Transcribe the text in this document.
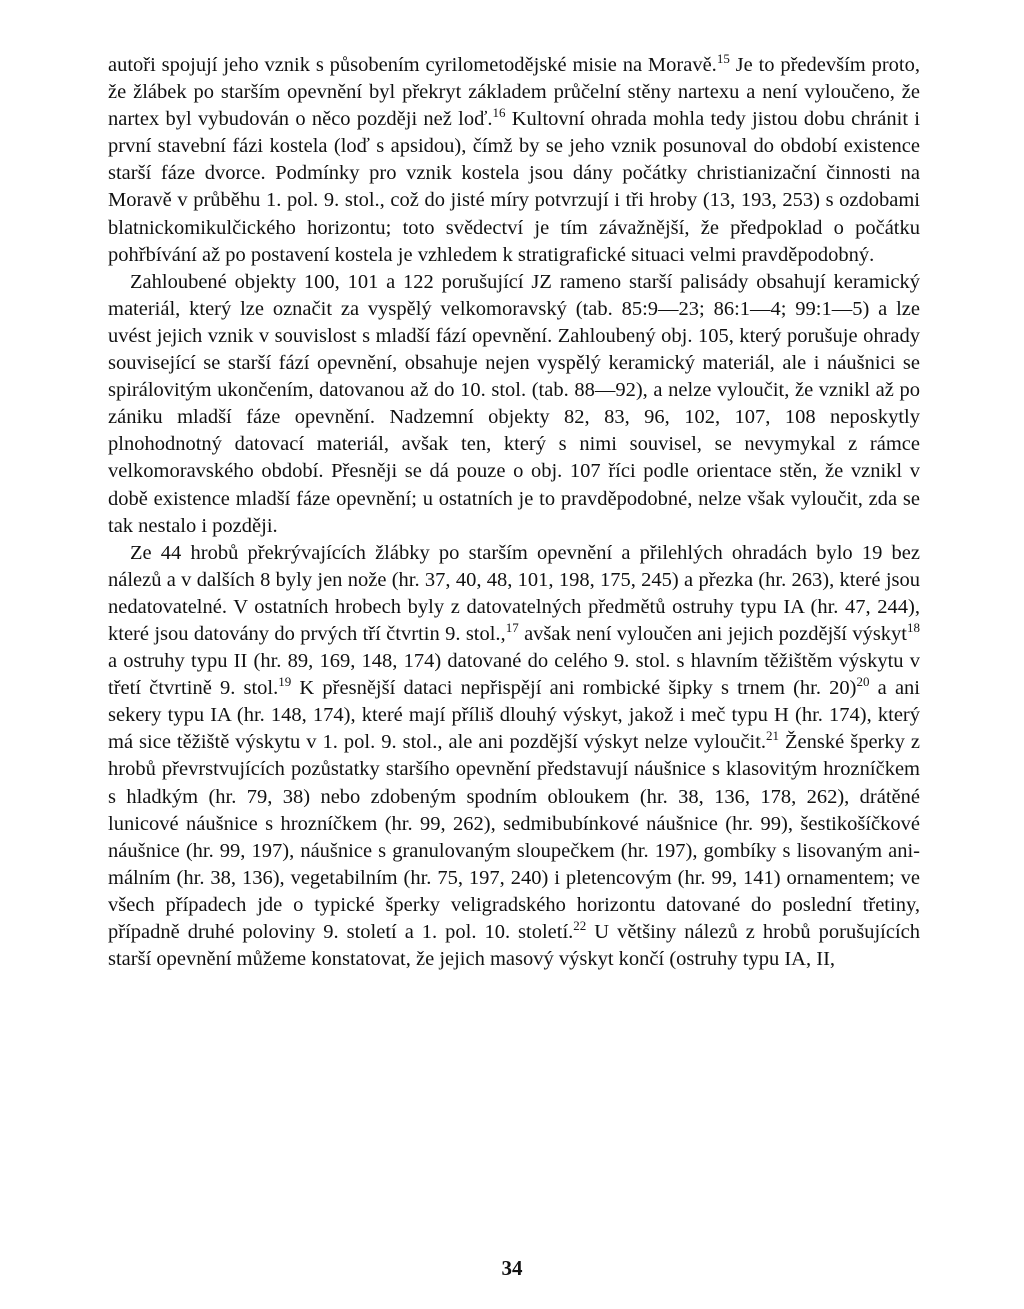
autoři spojují jeho vznik s působením cyrilometodějské misie na Moravě.$^{15}$ Je to především proto, že žlábek po starším opevnění byl překryt základem průčelní stěny nartexu a není vyloučeno, že nartex byl vybudován o něco později než loď.$^{16}$ Kultovní ohrada mohla tedy jistou dobu chránit i první stavební fázi kostela (loď s apsidou), čímž by se jeho vznik posunoval do období existence starší fáze dvorce. Podmínky pro vznik kostela jsou dány počátky christianizační činnosti na Moravě v průběhu 1. pol. 9. stol., což do jisté míry potvrzují i tři hroby (13, 193, 253) s ozdobami blatnickomikulčického horizontu; toto svědectví je tím závažnější, že předpoklad o počátku pohřbívání až po postavení kostela je vzhledem k stratigrafické situaci velmi pravděpodobný.

Zahloubené objekty 100, 101 a 122 porušující JZ rameno starší palisády obsahují keramický materiál, který lze označit za vyspělý velkomoravský (tab. 85:9—23; 86:1—4; 99:1—5) a lze uvést jejich vznik v souvislost s mladší fází opevnění. Zahloubený obj. 105, který porušuje ohrady související se starší fází opevnění, obsahuje nejen vyspělý keramický materiál, ale i náušnici se spirálovitým ukončením, datovanou až do 10. stol. (tab. 88—92), a nelze vyloučit, že vznikl až po zániku mladší fáze opevnění. Nadzemní objekty 82, 83, 96, 102, 107, 108 neposkytly plnohodnotný datovací materiál, avšak ten, který s nimi souvisel, se nevymykal z rámce velkomoravského období. Přesněji se dá pouze o obj. 107 říci podle orientace stěn, že vznikl v době existence mladší fáze opevnění; u ostatních je to pravděpodobné, nelze však vyloučit, zda se tak nestalo i později.

Ze 44 hrobů překrývajících žlábky po starším opevnění a přilehlých ohradách bylo 19 bez nálezů a v dalších 8 byly jen nože (hr. 37, 40, 48, 101, 198, 175, 245) a přezka (hr. 263), které jsou nedatovatelné. V ostatních hrobech byly z datovatelných předmětů ostruhy typu IA (hr. 47, 244), které jsou datovány do prvých tří čtvrtin 9. stol.,$^{17}$ avšak není vyloučen ani jejich pozdější výskyt$^{18}$ a ostruhy typu II (hr. 89, 169, 148, 174) datované do celého 9. stol. s hlavním těžištěm výskytu v třetí čtvrtině 9. stol.$^{19}$ K přesnější dataci nepřispějí ani rombické šipky s trnem (hr. 20)$^{20}$ a ani sekery typu IA (hr. 148, 174), které mají příliš dlouhý výskyt, jakož i meč typu H (hr. 174), který má sice těžiště výskytu v 1. pol. 9. stol., ale ani pozdější výskyt nelze vyloučit.$^{21}$ Ženské šperky z hrobů převrstvujících pozůstatky staršího opevnění představují náušnice s klasovitým hrozníčkem s hladkým (hr. 79, 38) nebo zdobeným spodním obloukem (hr. 38, 136, 178, 262), drátěné lunicové náušnice s hrozníčkem (hr. 99, 262), sedmibubínkové náušnice (hr. 99), šestikošíčkové náušnice (hr. 99, 197), náušnice s granulovaným sloupečkem (hr. 197), gombíky s lisovaným animálním (hr. 38, 136), vegetabilním (hr. 75, 197, 240) i pletencovým (hr. 99, 141) ornamentem; ve všech případech jde o typické šperky veligradského horizontu datované do poslední třetiny, případně druhé poloviny 9. století a 1. pol. 10. století.$^{22}$ U většiny nálezů z hrobů porušujících starší opevnění můžeme konstatovat, že jejich masový výskyt končí (ostruhy typu IA, II,

34
